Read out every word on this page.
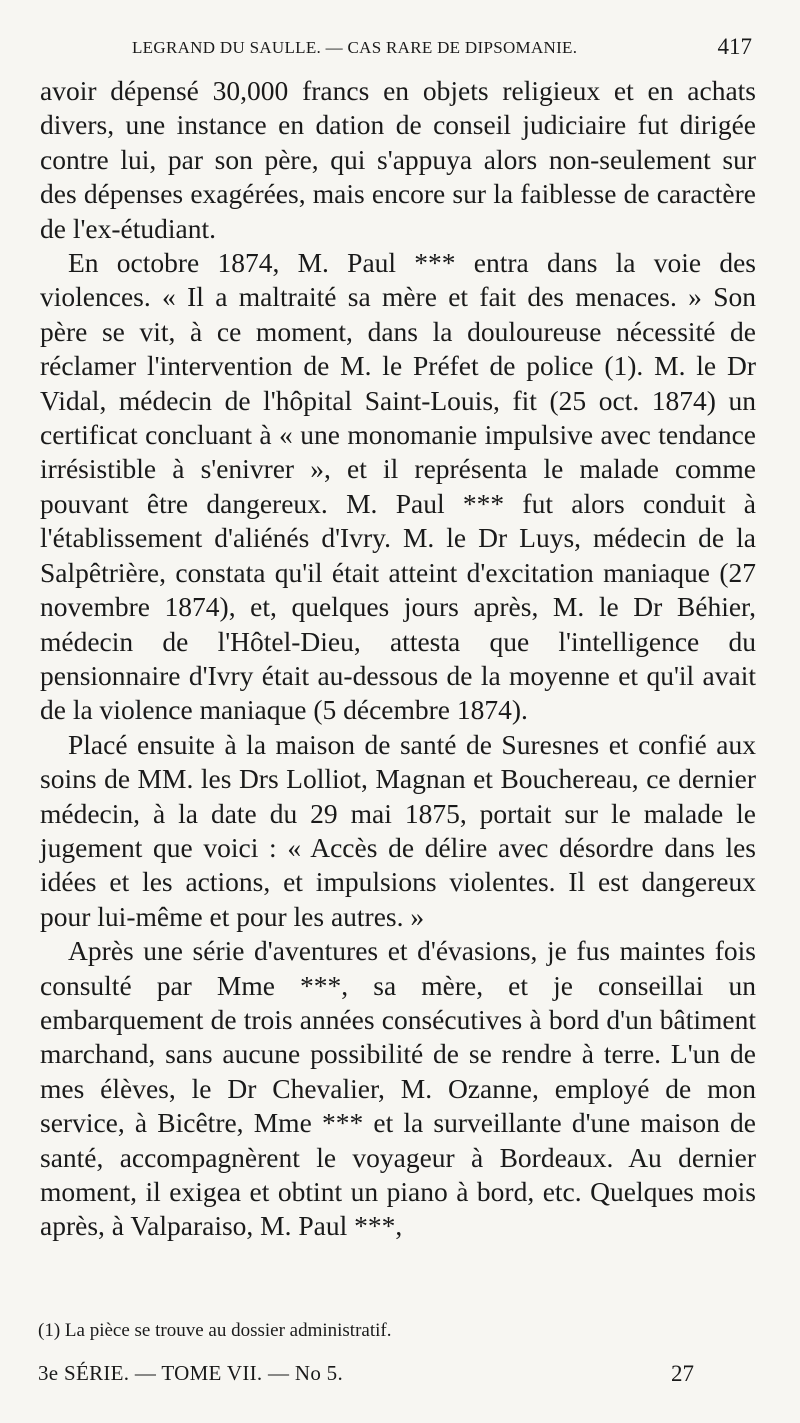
LEGRAND DU SAULLE. — CAS RARE DE DIPSOMANIE.	417

avoir dépensé 30,000 francs en objets religieux et en achats divers, une instance en dation de conseil judiciaire fut dirigée contre lui, par son père, qui s'appuya alors non-seulement sur des dépenses exagérées, mais encore sur la faiblesse de caractère de l'ex-étudiant.

En octobre 1874, M. Paul *** entra dans la voie des violences. « Il a maltraité sa mère et fait des menaces. » Son père se vit, à ce moment, dans la douloureuse nécessité de réclamer l'intervention de M. le Préfet de police (1). M. le Dr Vidal, médecin de l'hôpital Saint-Louis, fit (25 oct. 1874) un certificat concluant à « une monomanie impulsive avec tendance irrésistible à s'enivrer », et il représenta le malade comme pouvant être dangereux. M. Paul *** fut alors conduit à l'établissement d'aliénés d'Ivry. M. le Dr Luys, médecin de la Salpêtrière, constata qu'il était atteint d'excitation maniaque (27 novembre 1874), et, quelques jours après, M. le Dr Béhier, médecin de l'Hôtel-Dieu, attesta que l'intelligence du pensionnaire d'Ivry était au-dessous de la moyenne et qu'il avait de la violence maniaque (5 décembre 1874).

Placé ensuite à la maison de santé de Suresnes et confié aux soins de MM. les Drs Lolliot, Magnan et Bouchereau, ce dernier médecin, à la date du 29 mai 1875, portait sur le malade le jugement que voici : « Accès de délire avec désordre dans les idées et les actions, et impulsions violentes. Il est dangereux pour lui-même et pour les autres. »

Après une série d'aventures et d'évasions, je fus maintes fois consulté par Mme ***, sa mère, et je conseillai un embarquement de trois années consécutives à bord d'un bâtiment marchand, sans aucune possibilité de se rendre à terre. L'un de mes élèves, le Dr Chevalier, M. Ozanne, employé de mon service, à Bicêtre, Mme *** et la surveillante d'une maison de santé, accompagnèrent le voyageur à Bordeaux. Au dernier moment, il exigea et obtint un piano à bord, etc. Quelques mois après, à Valparaiso, M. Paul ***,

(1) La pièce se trouve au dossier administratif.
3e SÉRIE. — TOME VII. — No 5.	27
